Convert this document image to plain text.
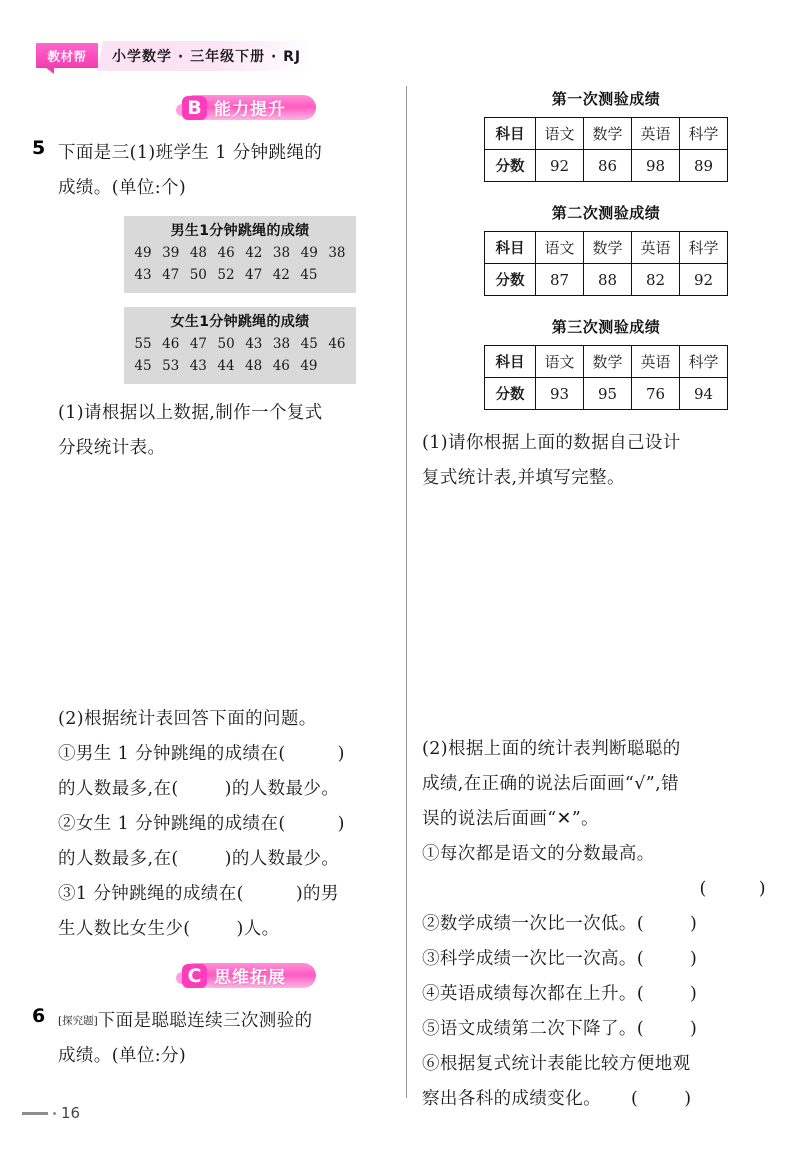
教材帮	小学数学 · 三年级下册 · RJ
B 能力提升
5 下面是三(1)班学生 1 分钟跳绳的
成绩。(单位:个)
男生1分钟跳绳的成绩
49 39 48 46 42 38 49 38
43 47 50 52 47 42 45
女生1分钟跳绳的成绩
55 46 47 50 43 38 45 46
45 53 43 44 48 46 49
(1)请根据以上数据,制作一个复式
分段统计表。
(2)根据统计表回答下面的问题。
①男生 1 分钟跳绳的成绩在(	)
的人数最多,在(	)的人数最少。
②女生 1 分钟跳绳的成绩在(	)
的人数最多,在(	)的人数最少。
③1 分钟跳绳的成绩在(	)的男
生人数比女生少(	)人。
C 思维拓展
6 [探究题]下面是聪聪连续三次测验的
成绩。(单位:分)
第一次测验成绩
科目	语文	数学	英语	科学
分数	92	86	98	89
第二次测验成绩
科目	语文	数学	英语	科学
分数	87	88	82	92
第三次测验成绩
科目	语文	数学	英语	科学
分数	93	95	76	94
(1)请你根据上面的数据自己设计
复式统计表,并填写完整。
(2)根据上面的统计表判断聪聪的
成绩,在正确的说法后面画“√”,错
误的说法后面画“✕”。
①每次都是语文的分数最高。
(	)
②数学成绩一次比一次低。(	)
③科学成绩一次比一次高。(	)
④英语成绩每次都在上升。(	)
⑤语文成绩第二次下降了。(	)
⑥根据复式统计表能比较方便地观
察出各科的成绩变化。 (	)
16
